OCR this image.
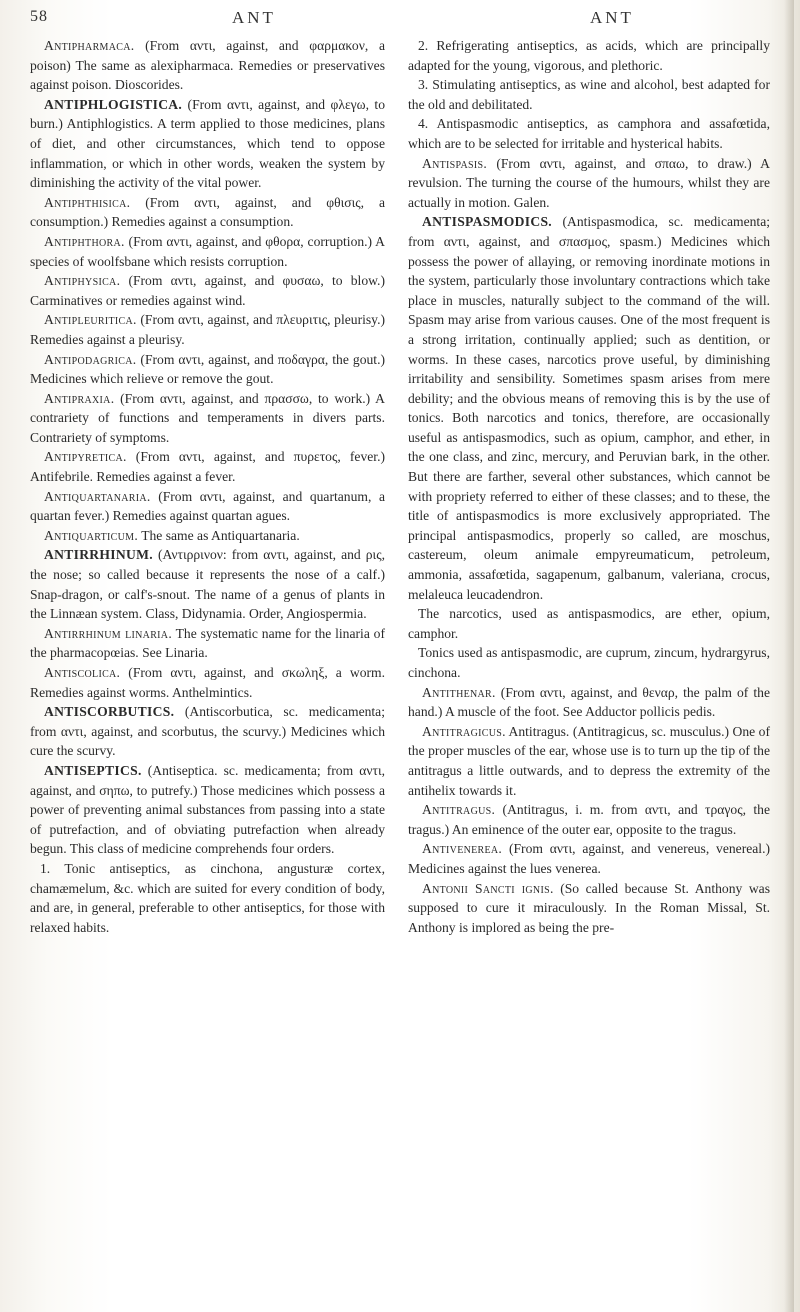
58	ANT	ANT

Antipharmaca. (From αντι, against, and φαρμακον, a poison) The same as alexipharmaca. Remedies or preservatives against poison. Dioscorides.

ANTIPHLOGISTICA. (From αντι, against, and φλεγω, to burn.) Antiphlogistics. A term applied to those medicines, plans of diet, and other circumstances, which tend to oppose inflammation, or which in other words, weaken the system by diminishing the activity of the vital power.

Antiphthisica. (From αντι, against, and φθισις, a consumption.) Remedies against a consumption.

Antiphthora. (From αντι, against, and φθορα, corruption.) A species of woolfsbane which resists corruption.

Antiphysica. (From αντι, against, and φυσαω, to blow.) Carminatives or remedies against wind.

Antipleuritica. (From αντι, against, and πλευριτις, pleurisy.) Remedies against a pleurisy.

Antipodagrica. (From αντι, against, and ποδαγρα, the gout.) Medicines which relieve or remove the gout.

Antipraxia. (From αντι, against, and πρασσω, to work.) A contrariety of functions and temperaments in divers parts. Contrariety of symptoms.

Antipyretica. (From αντι, against, and πυρετος, fever.) Antifebrile. Remedies against a fever.

Antiquartanaria. (From αντι, against, and quartanum, a quartan fever.) Remedies against quartan agues.

Antiquarticum. The same as Antiquartanaria.

ANTIRRHINUM. (Αντιρρινον: from αντι, against, and ρις, the nose; so called because it represents the nose of a calf.) Snap-dragon, or calf's-snout. The name of a genus of plants in the Linnæan system. Class, Didynamia. Order, Angiospermia.

Antirrhinum linaria. The systematic name for the linaria of the pharmacopœias. See Linaria.

Antiscolica. (From αντι, against, and σκωληξ, a worm. Remedies against worms. Anthelmintics.

ANTISCORBUTICS. (Antiscorbutica, sc. medicamenta; from αντι, against, and scorbutus, the scurvy.) Medicines which cure the scurvy.

ANTISEPTICS. (Antiseptica. sc. medicamenta; from αντι, against, and σηπω, to putrefy.) Those medicines which possess a power of preventing animal substances from passing into a state of putrefaction, and of obviating putrefaction when already begun. This class of medicine comprehends four orders.

1. Tonic antiseptics, as cinchona, angusturæ cortex, chamæmelum, &c. which are suited for every condition of body, and are, in general, preferable to other antiseptics, for those with relaxed habits.

2. Refrigerating antiseptics, as acids, which are principally adapted for the young, vigorous, and plethoric.

3. Stimulating antiseptics, as wine and alcohol, best adapted for the old and debilitated.

4. Antispasmodic antiseptics, as camphora and assafœtida, which are to be selected for irritable and hysterical habits.

Antispasis. (From αντι, against, and σπαω, to draw.) A revulsion. The turning the course of the humours, whilst they are actually in motion. Galen.

ANTISPASMODICS. (Antispasmodica, sc. medicamenta; from αντι, against, and σπασμος, spasm.) Medicines which possess the power of allaying, or removing inordinate motions in the system, particularly those involuntary contractions which take place in muscles, naturally subject to the command of the will. Spasm may arise from various causes. One of the most frequent is a strong irritation, continually applied; such as dentition, or worms. In these cases, narcotics prove useful, by diminishing irritability and sensibility. Sometimes spasm arises from mere debility; and the obvious means of removing this is by the use of tonics. Both narcotics and tonics, therefore, are occasionally useful as antispasmodics, such as opium, camphor, and ether, in the one class, and zinc, mercury, and Peruvian bark, in the other. But there are farther, several other substances, which cannot be with propriety referred to either of these classes; and to these, the title of antispasmodics is more exclusively appropriated. The principal antispasmodics, properly so called, are moschus, castereum, oleum animale empyreumaticum, petroleum, ammonia, assafœtida, sagapenum, galbanum, valeriana, crocus, melaleuca leucadendron.

The narcotics, used as antispasmodics, are ether, opium, camphor.

Tonics used as antispasmodic, are cuprum, zincum, hydrargyrus, cinchona.

Antithenar. (From αντι, against, and θεναρ, the palm of the hand.) A muscle of the foot. See Adductor pollicis pedis.

Antitragicus. Antitragus. (Antitragicus, sc. musculus.) One of the proper muscles of the ear, whose use is to turn up the tip of the antitragus a little outwards, and to depress the extremity of the antihelix towards it.

Antitragus. (Antitragus, i. m. from αντι, and τραγος, the tragus.) An eminence of the outer ear, opposite to the tragus.

Antivenerea. (From αντι, against, and venereus, venereal.) Medicines against the lues venerea.

Antonii Sancti ignis. (So called because St. Anthony was supposed to cure it miraculously. In the Roman Missal, St. Anthony is implored as being the pre-
